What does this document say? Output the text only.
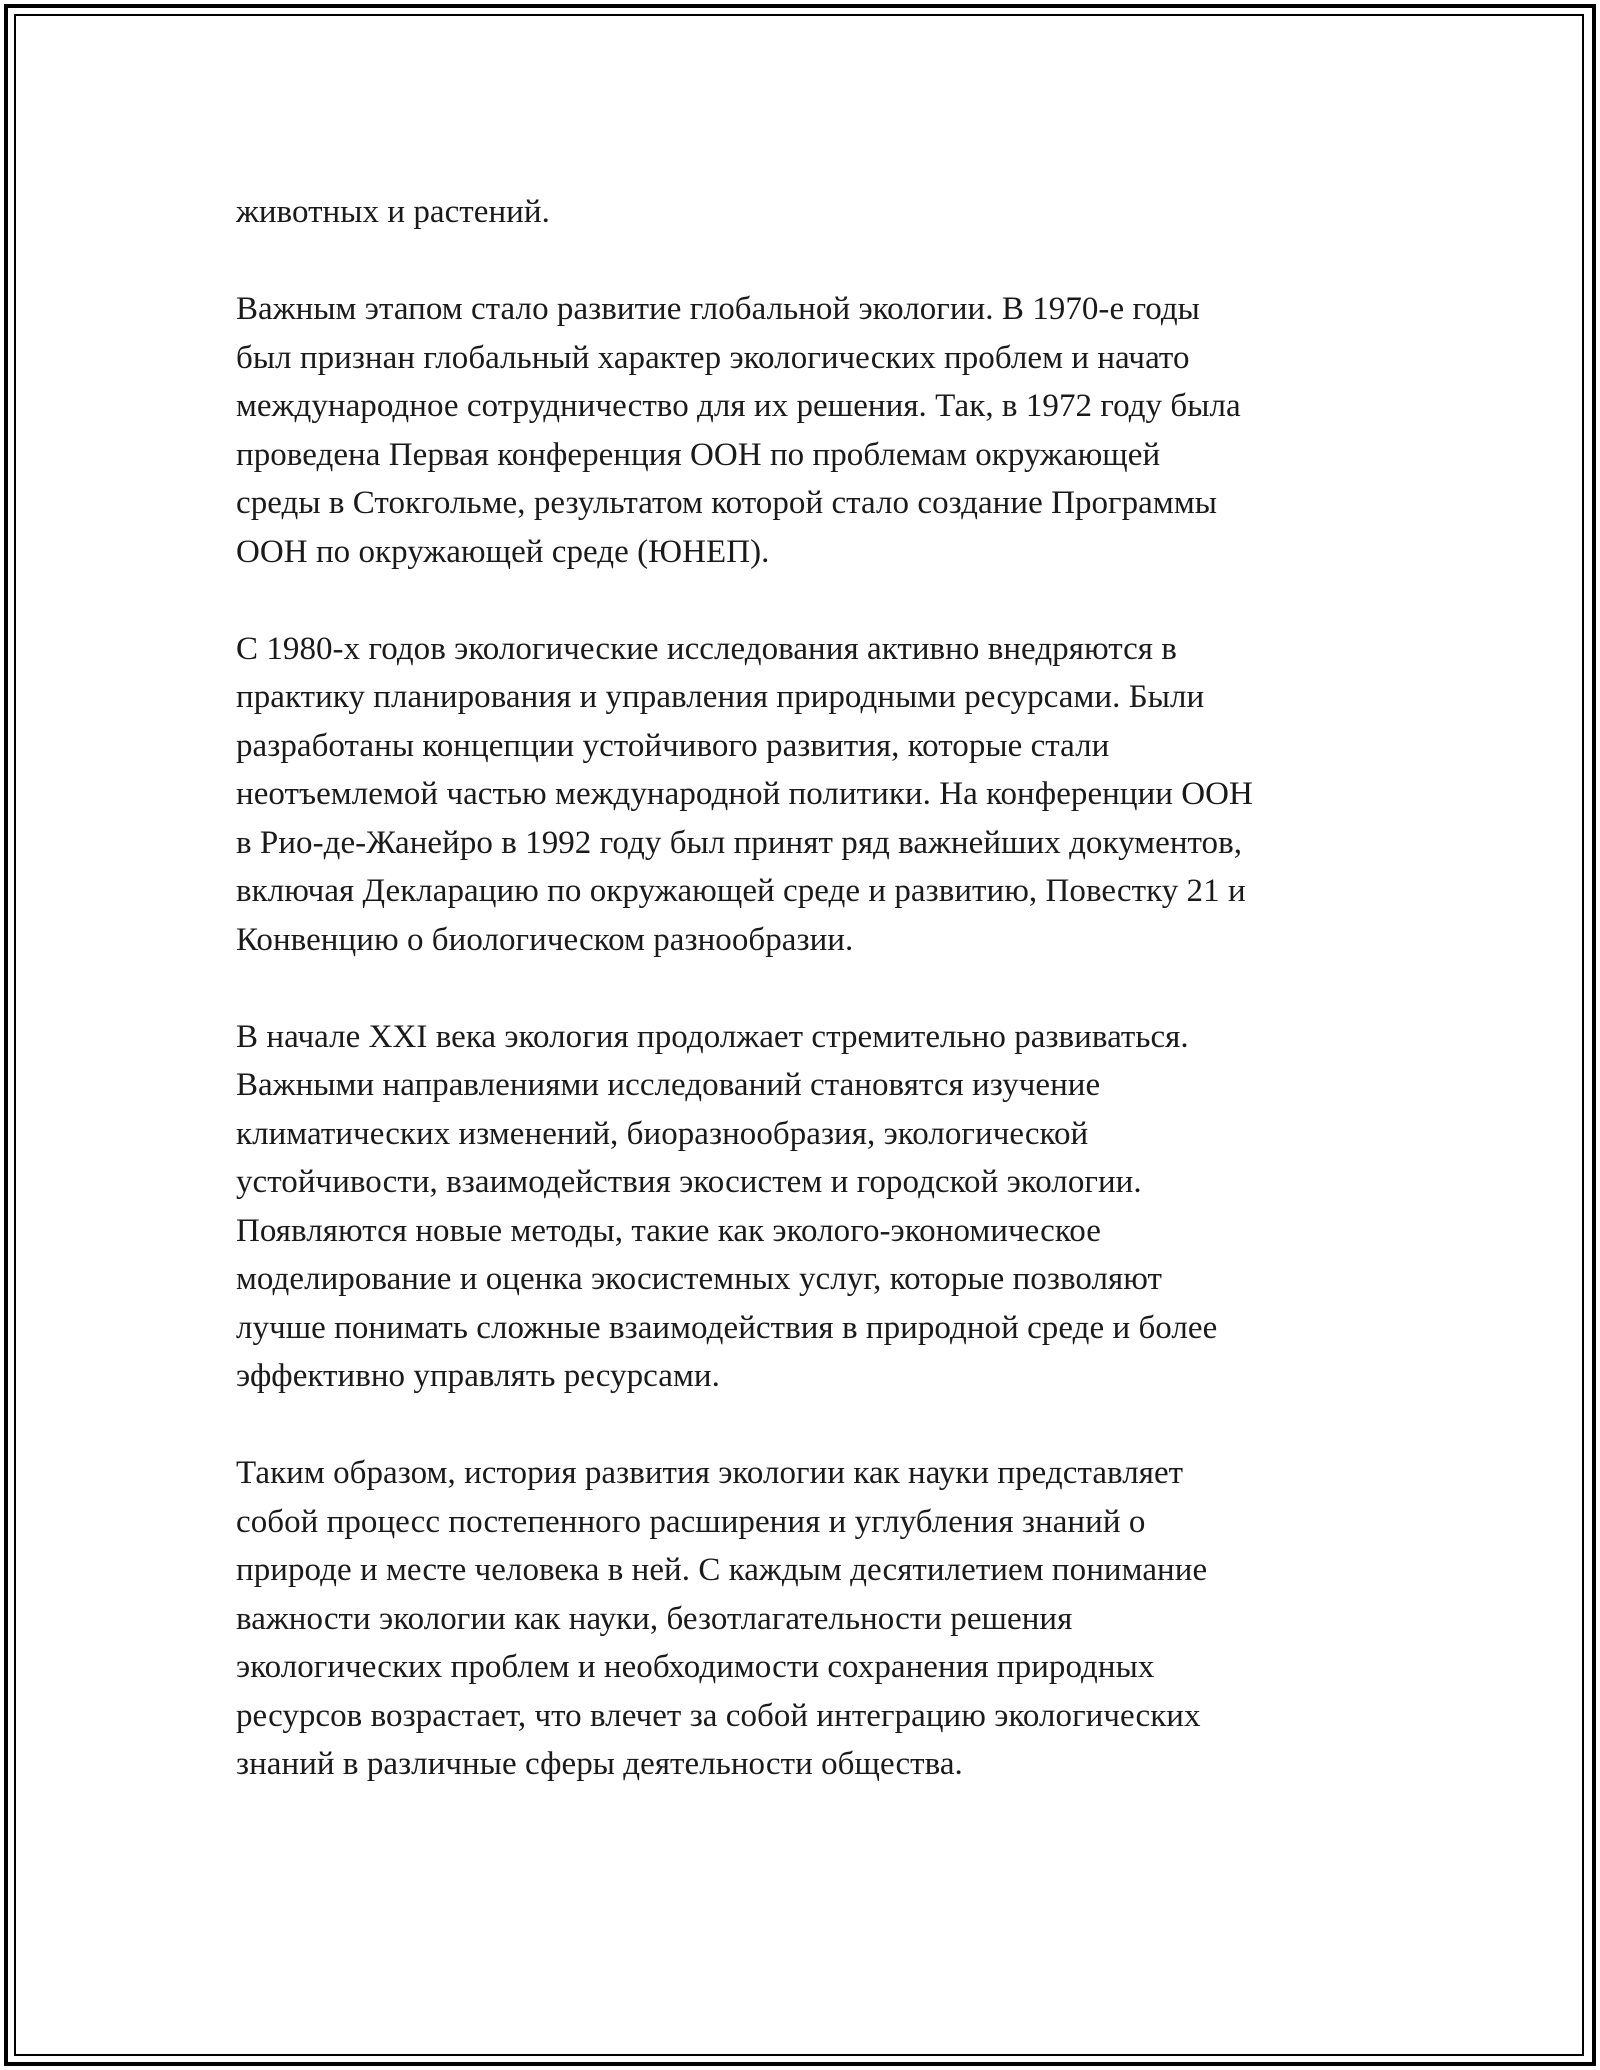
животных и растений.

Важным этапом стало развитие глобальной экологии. В 1970-е годы
был признан глобальный характер экологических проблем и начато
международное сотрудничество для их решения. Так, в 1972 году была
проведена Первая конференция ООН по проблемам окружающей
среды в Стокгольме, результатом которой стало создание Программы
ООН по окружающей среде (ЮНЕП).

С 1980-х годов экологические исследования активно внедряются в
практику планирования и управления природными ресурсами. Были
разработаны концепции устойчивого развития, которые стали
неотъемлемой частью международной политики. На конференции ООН
в Рио-де-Жанейро в 1992 году был принят ряд важнейших документов,
включая Декларацию по окружающей среде и развитию, Повестку 21 и
Конвенцию о биологическом разнообразии.

В начале XXI века экология продолжает стремительно развиваться.
Важными направлениями исследований становятся изучение
климатических изменений, биоразнообразия, экологической
устойчивости, взаимодействия экосистем и городской экологии.
Появляются новые методы, такие как эколого-экономическое
моделирование и оценка экосистемных услуг, которые позволяют
лучше понимать сложные взаимодействия в природной среде и более
эффективно управлять ресурсами.

Таким образом, история развития экологии как науки представляет
собой процесс постепенного расширения и углубления знаний о
природе и месте человека в ней. С каждым десятилетием понимание
важности экологии как науки, безотлагательности решения
экологических проблем и необходимости сохранения природных
ресурсов возрастает, что влечет за собой интеграцию экологических
знаний в различные сферы деятельности общества.
